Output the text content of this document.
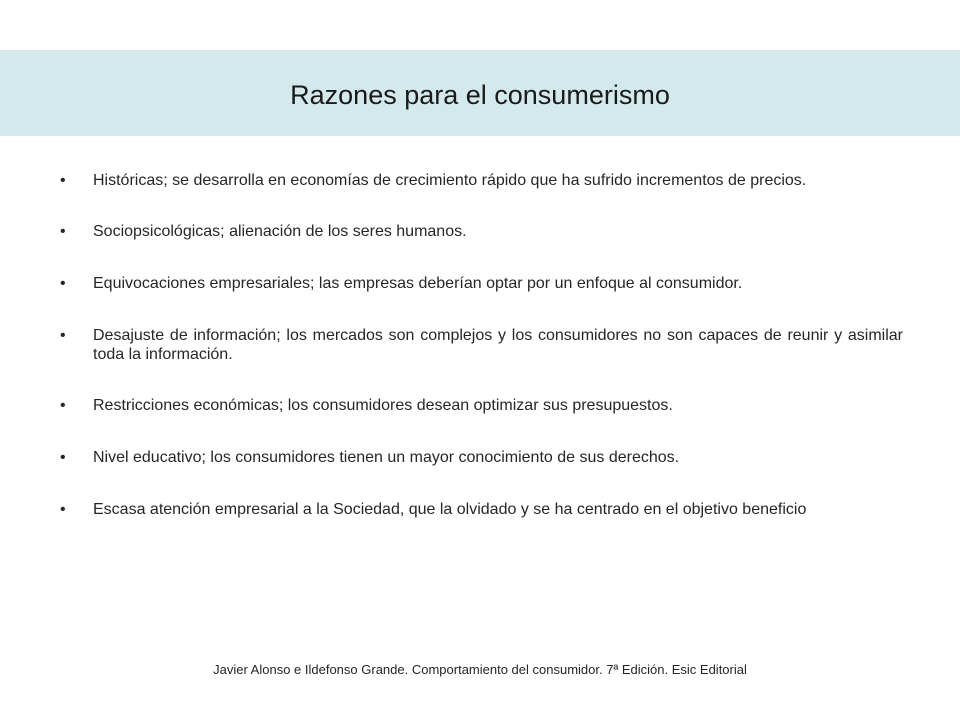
Razones para el consumerismo
•	Históricas; se desarrolla en economías de crecimiento rápido que ha sufrido incrementos de precios.
•	Sociopsicológicas; alienación de los seres humanos.
•	Equivocaciones empresariales; las empresas deberían optar por un enfoque al consumidor.
•	Desajuste de información; los mercados son complejos y los consumidores no son capaces de reunir y asimilar toda la información.
•	Restricciones económicas; los consumidores desean optimizar sus presupuestos.
•	Nivel educativo; los consumidores tienen un mayor conocimiento de sus derechos.
•	Escasa atención empresarial a la Sociedad, que la olvidado y se ha centrado en el objetivo beneficio
Javier Alonso e Ildefonso Grande. Comportamiento del consumidor. 7ª Edición. Esic Editorial
